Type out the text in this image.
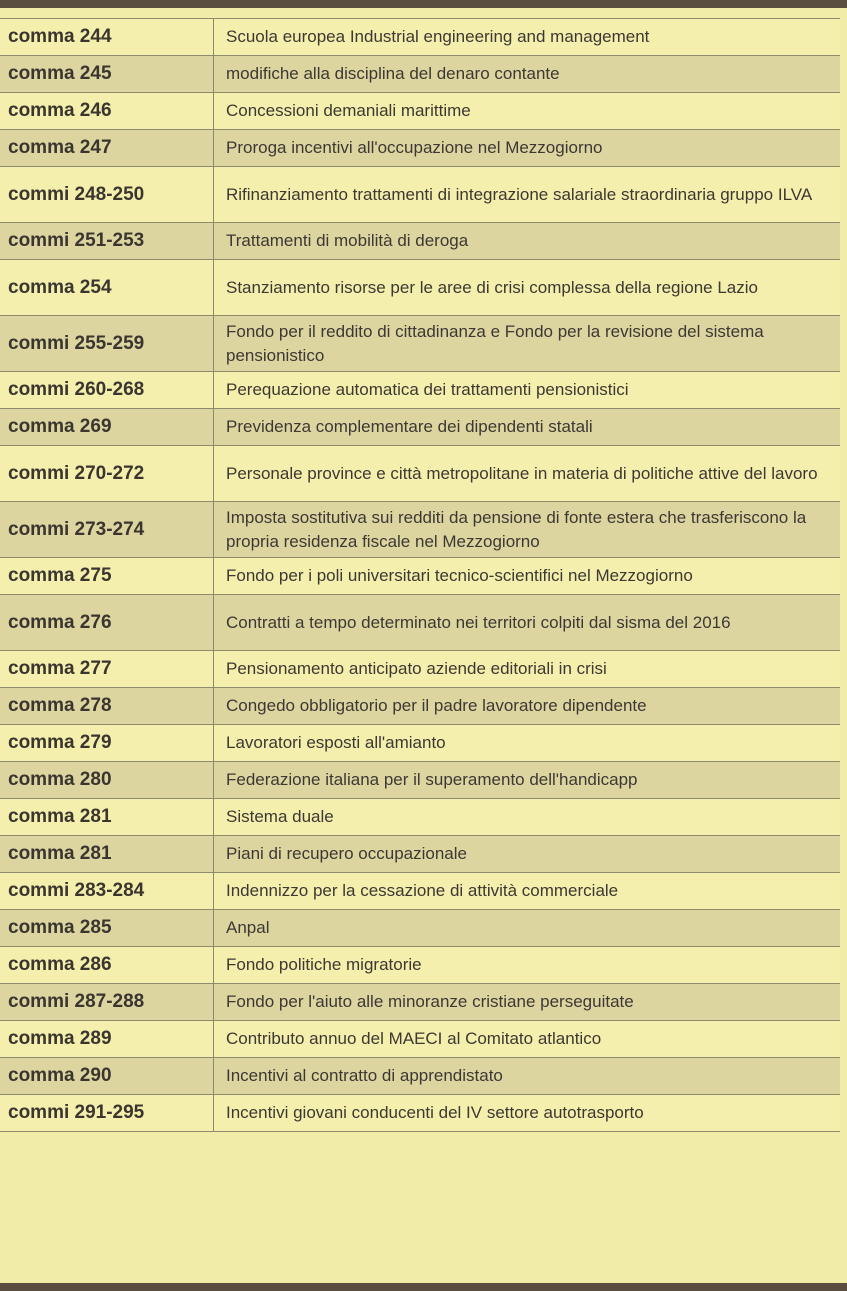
comma 244	Scuola europea Industrial engineering and management
comma 245	modifiche alla disciplina del denaro contante
comma 246	Concessioni demaniali marittime
comma 247	Proroga incentivi all'occupazione nel Mezzogiorno
commi 248-250	Rifinanziamento trattamenti di integrazione salariale straordinaria gruppo ILVA
commi 251-253	Trattamenti di mobilità di deroga
comma 254	Stanziamento risorse per le aree di crisi complessa della regione Lazio
commi 255-259	Fondo per il reddito di cittadinanza e Fondo per la revisione del sistema pensionistico
commi 260-268	Perequazione automatica dei trattamenti pensionistici
comma 269	Previdenza complementare dei dipendenti statali
commi 270-272	Personale province e città metropolitane in materia di politiche attive del lavoro
commi 273-274	Imposta sostitutiva sui redditi da pensione di fonte estera che trasferiscono la propria residenza fiscale nel Mezzogiorno
comma 275	Fondo per i poli universitari tecnico-scientifici nel Mezzogiorno
comma 276	Contratti a tempo determinato nei territori colpiti dal sisma del 2016
comma 277	Pensionamento anticipato aziende editoriali in crisi
comma 278	Congedo obbligatorio per il padre lavoratore dipendente
comma 279	Lavoratori esposti all'amianto
comma 280	Federazione italiana per il superamento dell'handicapp
comma 281	Sistema duale
comma 281	Piani di recupero occupazionale
commi 283-284	Indennizzo per la cessazione di attività commerciale
comma 285	Anpal
comma 286	Fondo politiche migratorie
commi 287-288	Fondo per l'aiuto alle minoranze cristiane perseguitate
comma 289	Contributo annuo del MAECI al Comitato atlantico
comma 290	Incentivi al contratto di apprendistato
commi 291-295	Incentivi giovani conducenti del IV settore autotrasporto
